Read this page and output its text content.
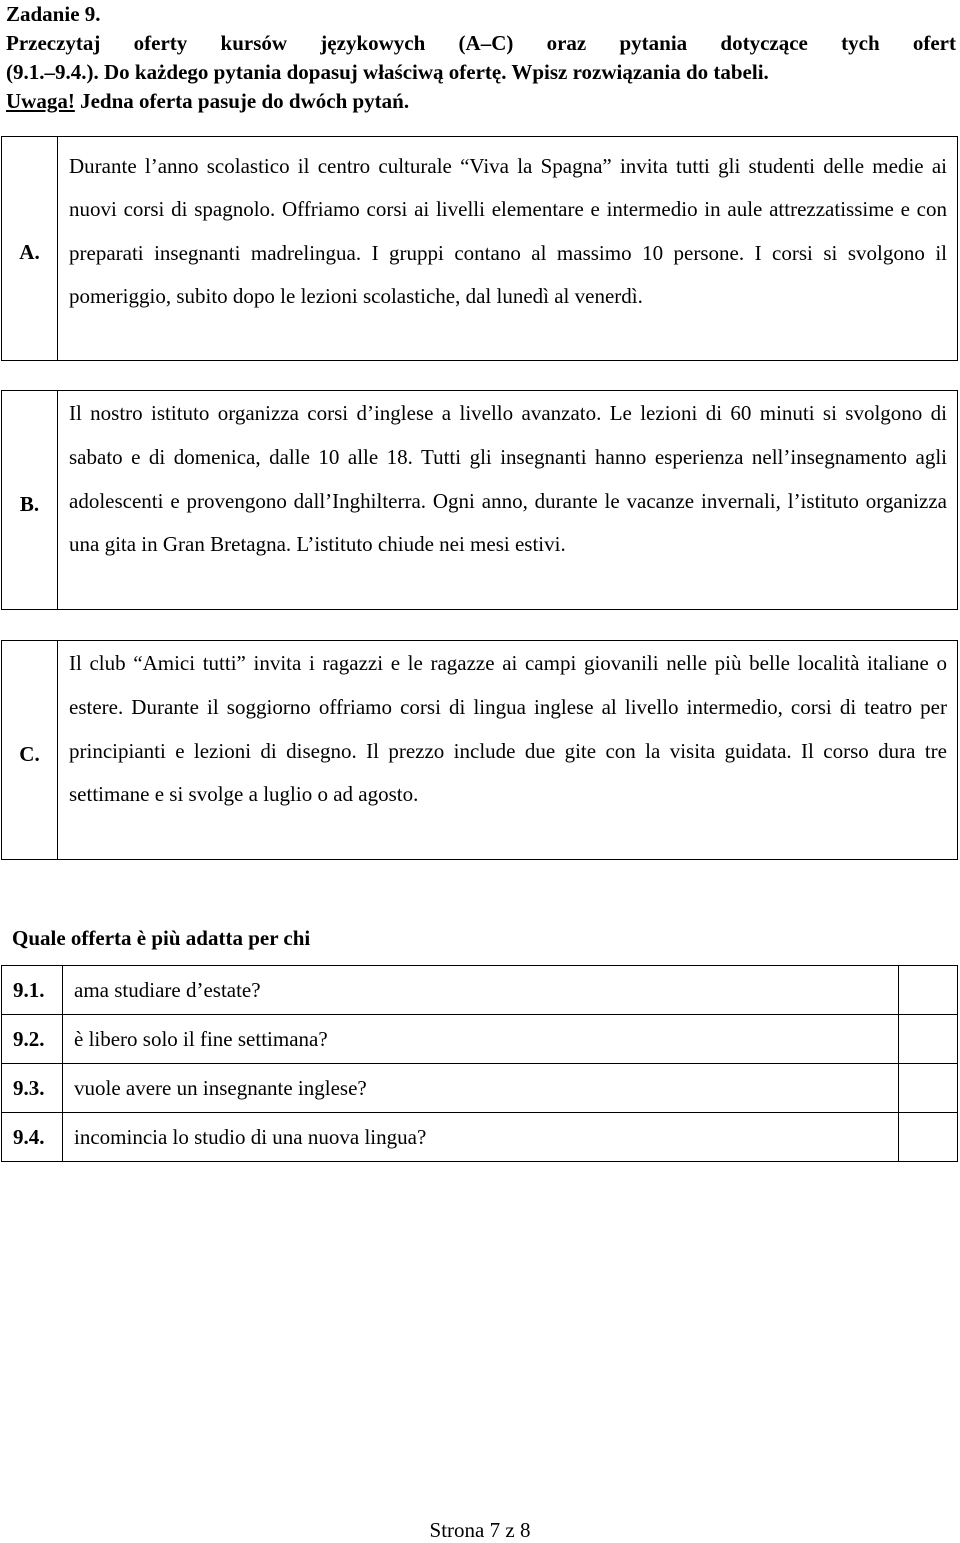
Zadanie 9.
Przeczytaj oferty kursów językowych (A–C) oraz pytania dotyczące tych ofert
(9.1.–9.4.). Do każdego pytania dopasuj właściwą ofertę. Wpisz rozwiązania do tabeli.
Uwaga! Jedna oferta pasuje do dwóch pytań.
A.

Durante l’anno scolastico il centro culturale “Viva la Spagna” invita tutti gli studenti delle medie ai nuovi corsi di spagnolo. Offriamo corsi ai livelli elementare e intermedio in aule attrezzatissime e con preparati insegnanti madrelingua. I gruppi contano al massimo 10 persone. I corsi si svolgono il pomeriggio, subito dopo le lezioni scolastiche, dal lunedì al venerdì.

B.

Il nostro istituto organizza corsi d’inglese a livello avanzato. Le lezioni di 60 minuti si svolgono di sabato e di domenica, dalle 10 alle 18. Tutti gli insegnanti hanno esperienza nell’insegnamento agli adolescenti e provengono dall’Inghilterra. Ogni anno, durante le vacanze invernali, l’istituto organizza una gita in Gran Bretagna. L’istituto chiude nei mesi estivi.

C.

Il club “Amici tutti” invita i ragazzi e le ragazze ai campi giovanili nelle più belle località italiane o estere. Durante il soggiorno offriamo corsi di lingua inglese al livello intermedio, corsi di teatro per principianti e lezioni di disegno. Il prezzo include due gite con la visita guidata. Il corso dura tre settimane e si svolge a luglio o ad agosto.

Quale offerta è più adatta per chi
9.1.	ama studiare d’estate?	
9.2.	è libero solo il fine settimana?	
9.3.	vuole avere un insegnante inglese?	
9.4.	incomincia lo studio di una nuova lingua?	
Strona 7 z 8
